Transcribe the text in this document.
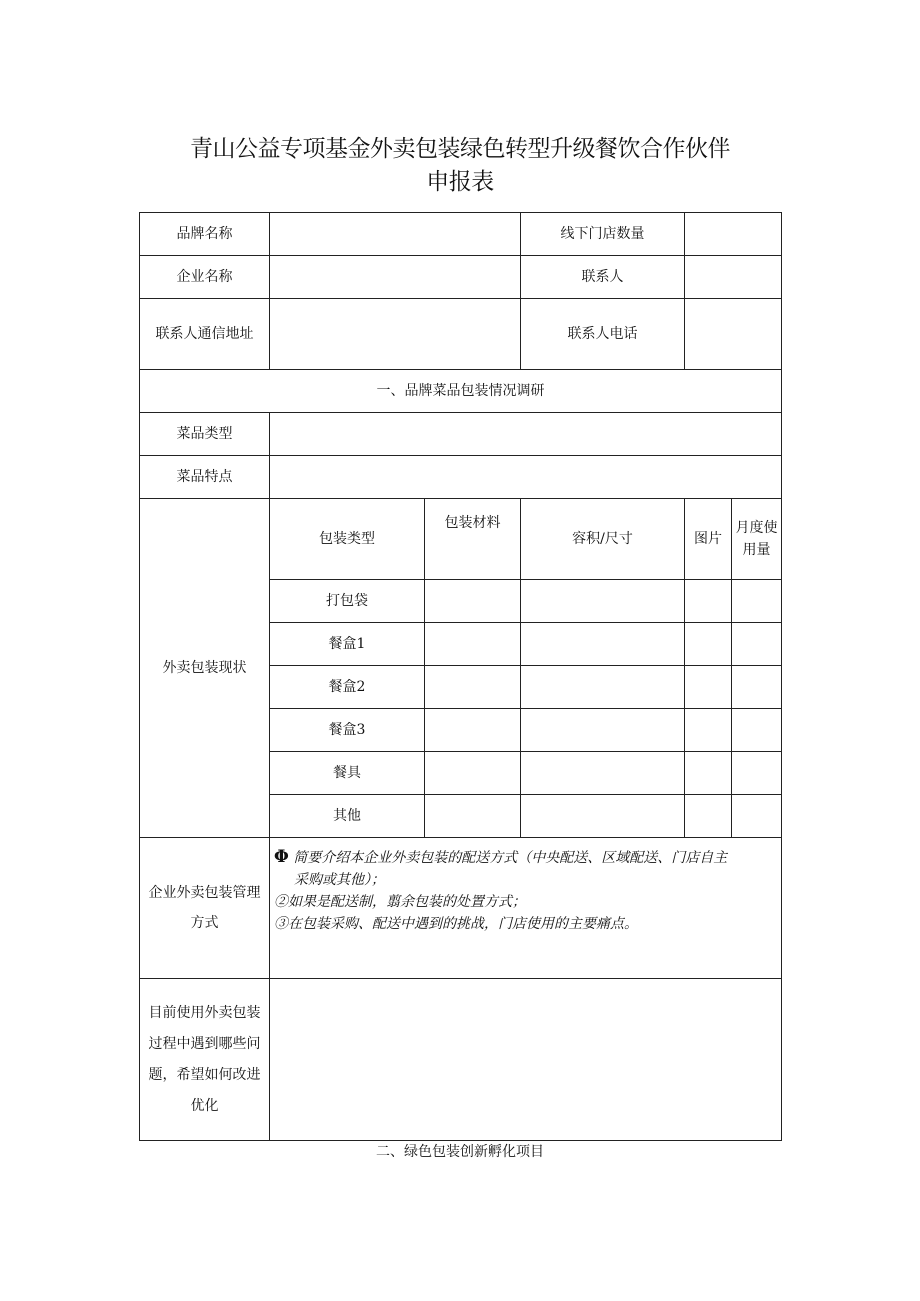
青山公益专项基金外卖包装绿色转型升级餐饮合作伙伴
申报表
品牌名称			线下门店数量		
企业名称			联系人		
联系人通信地址			联系人电话		
一、品牌菜品包装情况调研					
菜品类型					
菜品特点					
外卖包装现状	包装类型	包装材料	容积/尺寸	图片	月度使用量
	打包袋				
	餐盒1				
	餐盒2				
	餐盒3				
	餐具				
	其他				
企业外卖包装管理方式	Φ 简要介绍本企业外卖包装的配送方式（中央配送、区域配送、门店自主
采购或其他）；
②如果是配送制，翦余包装的处置方式；
③在包装采购、配送中遇到的挑战，门店使用的主要痛点。				

目前使用外卖包装过程中遇到哪些问题，希望如何改进优化					
二、绿色包装创新孵化项目
